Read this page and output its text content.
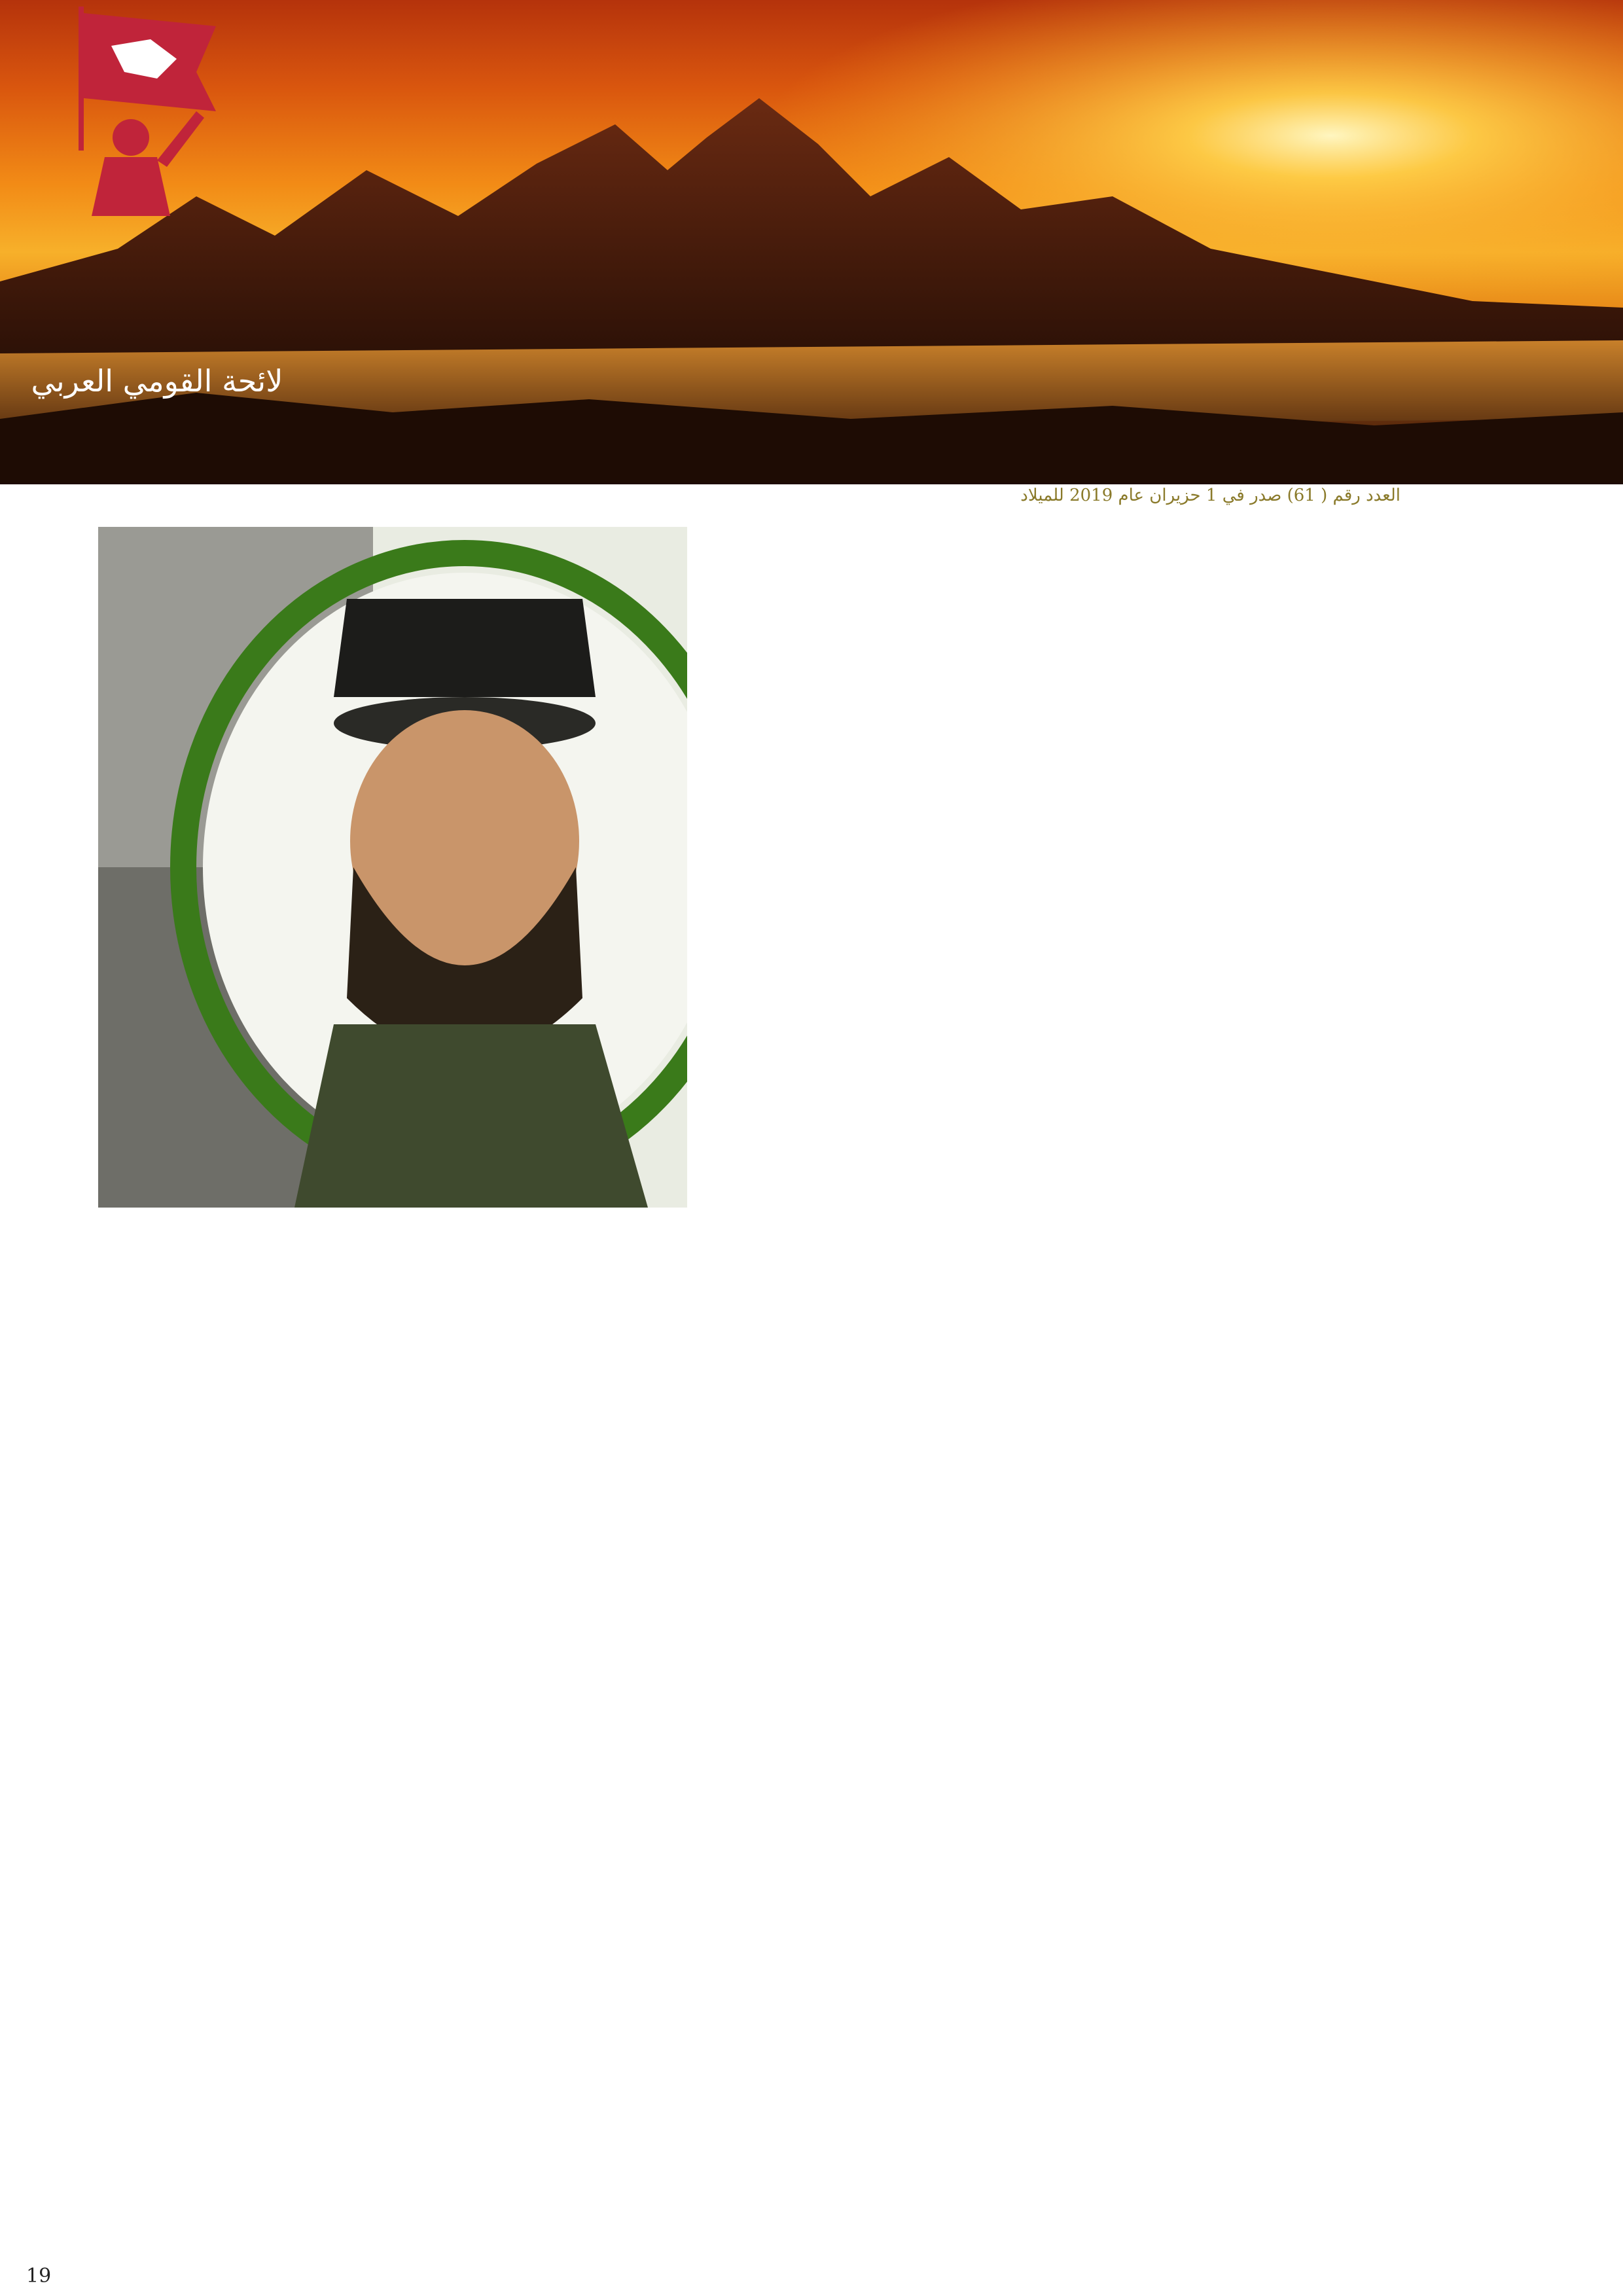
لائحة القومي العربي
العدد رقم ( 61) صدر في 1 حزيران عام 2019 للميلاد

19
